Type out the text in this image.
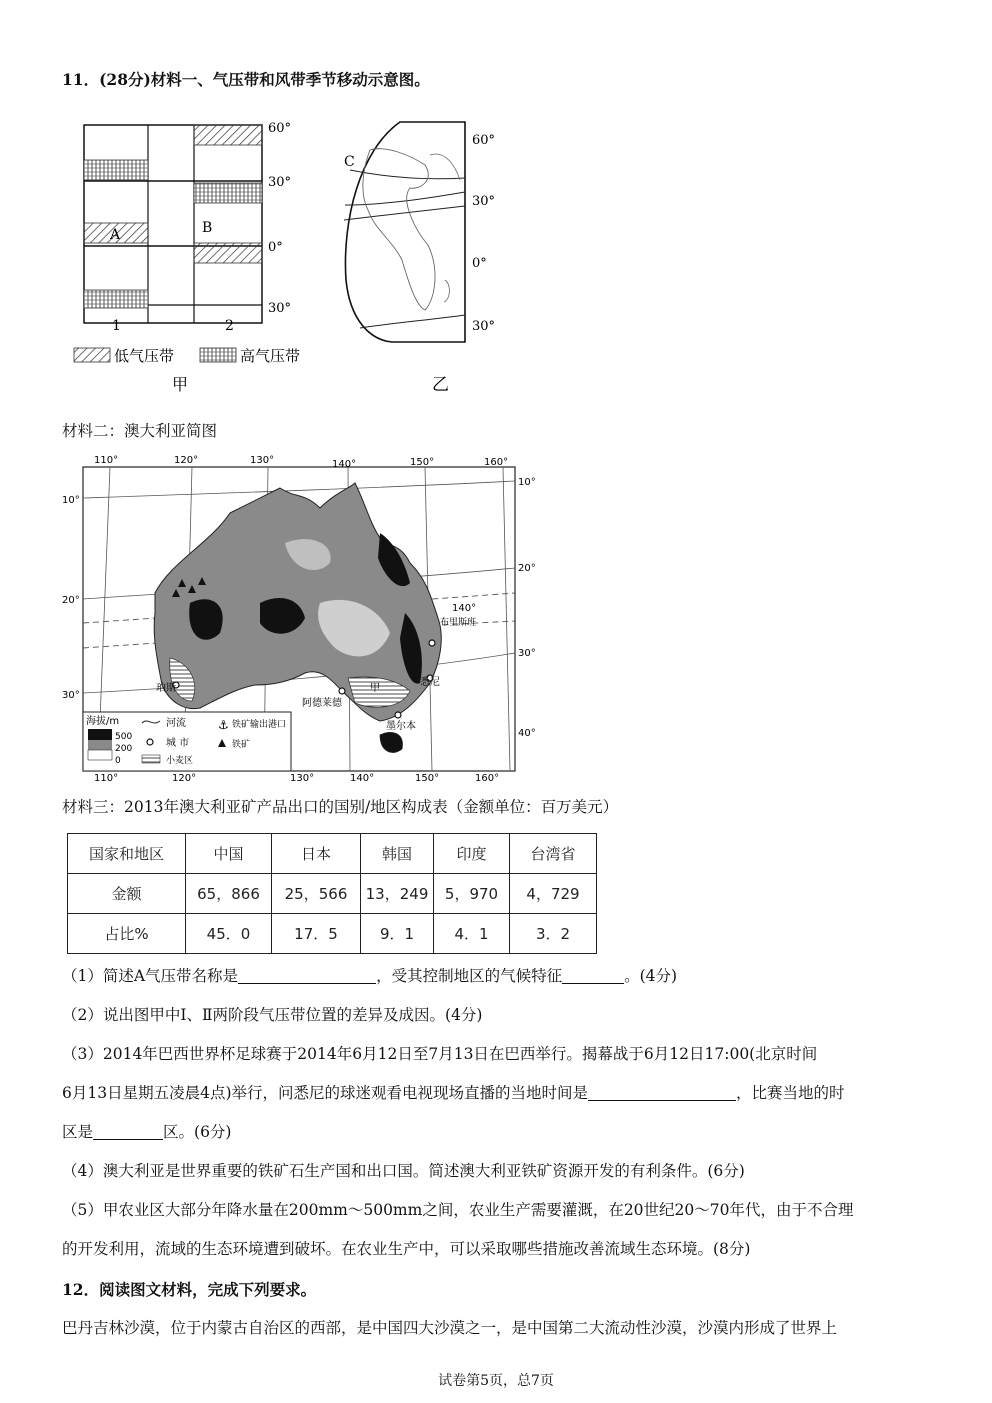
11．(28分)材料一、气压带和风带季节移动示意图。
A	B
60°
30°
0°
30°
1	2
低气压带	高气压带
甲
C
60°
30°
0°
30°
乙
材料二：澳大利亚简图
110°	120°	130°	140°	150°	160°
10°
20°
30°
10°
20°
30°
40°
140°
110°	120°	130°	140°	150°	160°
珀斯
阿德莱德
墨尔本
悉尼
布里斯班
甲
海拔/m
500
200
0
河流
城 市
小麦区
⚓ 铁矿输出港口
铁矿
材料三：2013年澳大利亚矿产品出口的国别/地区构成表（金额单位：百万美元）
国家和地区	中国	日本	韩国	印度	台湾省
金额	65，866	25，566	13，249	5，970	4，729
占比%	45．0	17．5	9．1	4．1	3．2
（1）简述A气压带名称是	，受其控制地区的气候特征	。(4分)
（2）说出图甲中Ⅰ、Ⅱ两阶段气压带位置的差异及成因。(4分)
（3）2014年巴西世界杯足球赛于2014年6月12日至7月13日在巴西举行。揭幕战于6月12日17:00(北京时间
6月13日星期五凌晨4点)举行，问悉尼的球迷观看电视现场直播的当地时间是	，比赛当地的时
区是	区。(6分)
（4）澳大利亚是世界重要的铁矿石生产国和出口国。简述澳大利亚铁矿资源开发的有利条件。(6分)
（5）甲农业区大部分年降水量在200mm～500mm之间，农业生产需要灌溉，在20世纪20～70年代，由于不合理
的开发利用，流域的生态环境遭到破坏。在农业生产中，可以采取哪些措施改善流域生态环境。(8分)
12．阅读图文材料，完成下列要求。
巴丹吉林沙漠，位于内蒙古自治区的西部，是中国四大沙漠之一，是中国第二大流动性沙漠，沙漠内形成了世界上
试卷第5页，总7页
